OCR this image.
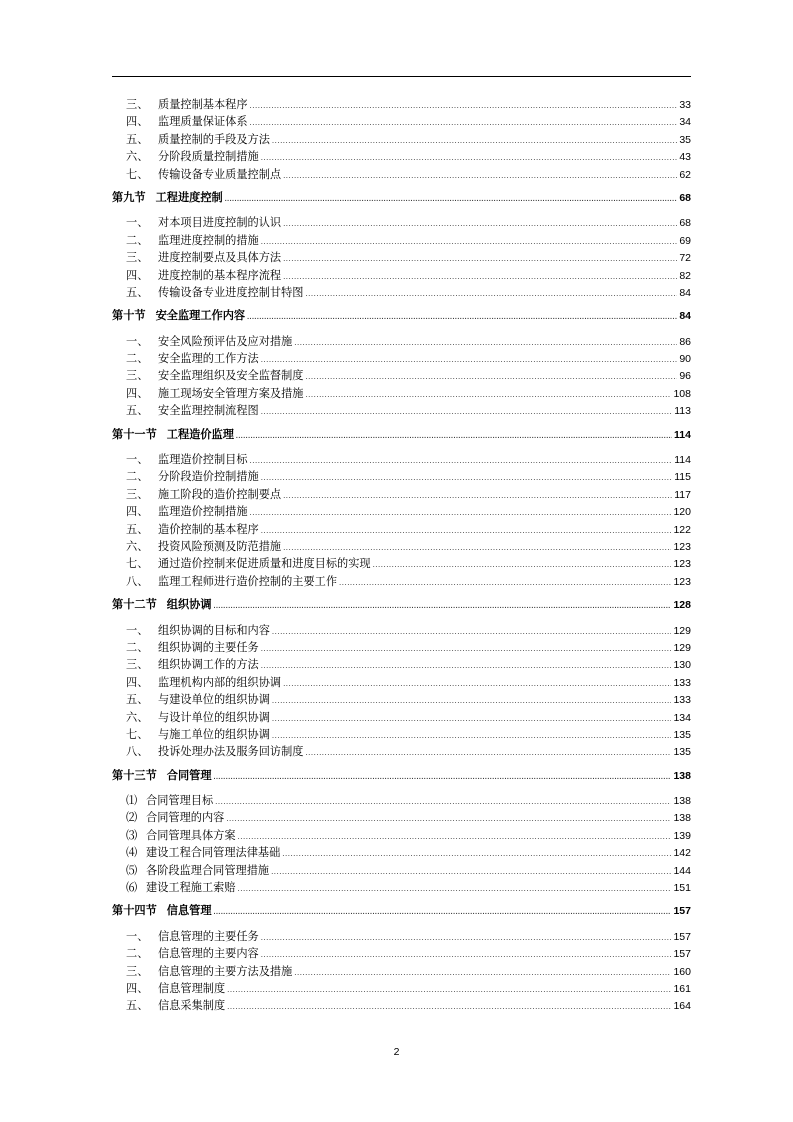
三、 质量控制基本程序 .....	33
四、 监理质量保证体系 .....	34
五、 质量控制的手段及方法 .....	35
六、 分阶段质量控制措施 .....	43
七、 传输设备专业质量控制点 .....	62
第九节 工程进度控制 .....	68
一、 对本项目进度控制的认识 .....	68
二、 监理进度控制的措施 .....	69
三、 进度控制要点及具体方法 .....	72
四、 进度控制的基本程序流程 .....	82
五、 传输设备专业进度控制甘特图 .....	84
第十节 安全监理工作内容 .....	84
一、 安全风险预评估及应对措施 .....	86
二、 安全监理的工作方法 .....	90
三、 安全监理组织及安全监督制度 .....	96
四、 施工现场安全管理方案及措施 .....	108
五、 安全监理控制流程图 .....	113
第十一节 工程造价监理 .....	114
一、 监理造价控制目标 .....	114
二、 分阶段造价控制措施 .....	115
三、 施工阶段的造价控制要点 .....	117
四、 监理造价控制措施 .....	120
五、 造价控制的基本程序 .....	122
六、 投资风险预测及防范措施 .....	123
七、 通过造价控制来促进质量和进度目标的实现 .....	123
八、 监理工程师进行造价控制的主要工作 .....	123
第十二节 组织协调 .....	128
一、 组织协调的目标和内容 .....	129
二、 组织协调的主要任务 .....	129
三、 组织协调工作的方法 .....	130
四、 监理机构内部的组织协调 .....	133
五、 与建设单位的组织协调 .....	133
六、 与设计单位的组织协调 .....	134
七、 与施工单位的组织协调 .....	135
八、 投诉处理办法及服务回访制度 .....	135
第十三节 合同管理 .....	138
⑴ 合同管理目标 .....	138
⑵ 合同管理的内容 .....	138
⑶ 合同管理具体方案 .....	139
⑷ 建设工程合同管理法律基础 .....	142
⑸ 各阶段监理合同管理措施 .....	144
⑹ 建设工程施工索赔 .....	151
第十四节 信息管理 .....	157
一、 信息管理的主要任务 .....	157
二、 信息管理的主要内容 .....	157
三、 信息管理的主要方法及措施 .....	160
四、 信息管理制度 .....	161
五、 信息采集制度 .....	164
2
